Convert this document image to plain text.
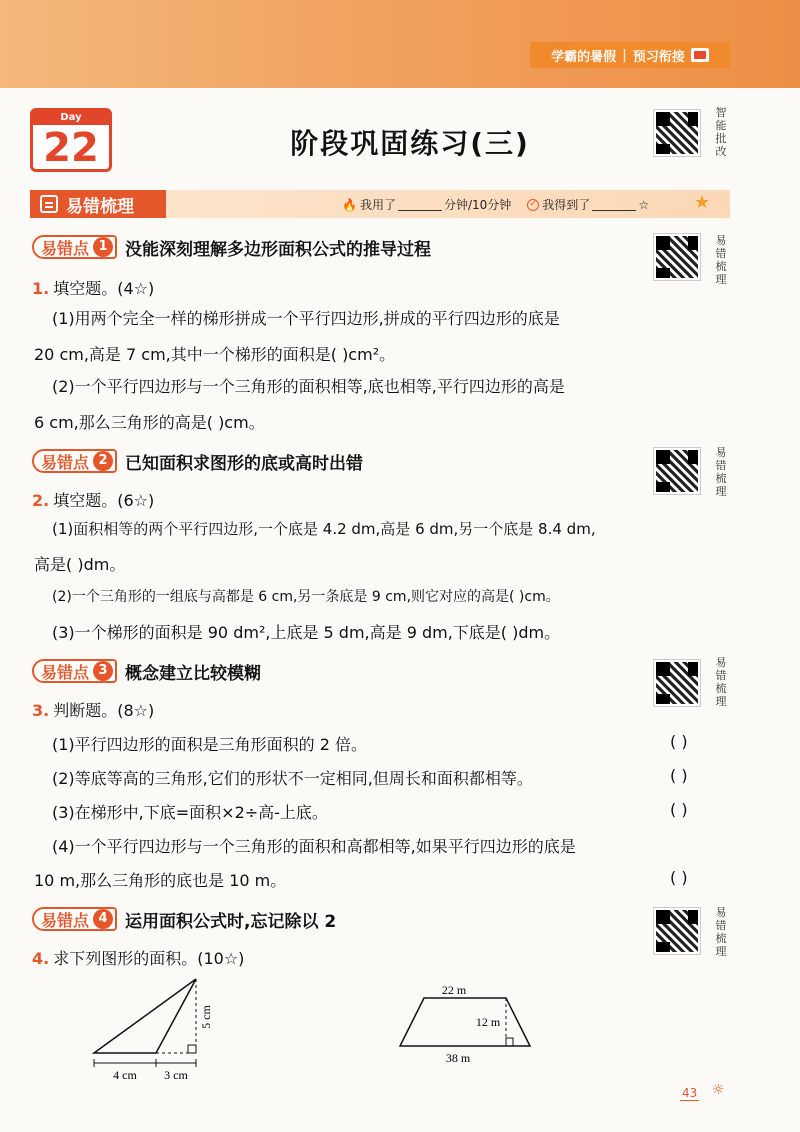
学霸的暑假 | 预习衔接
Day
22	阶段巩固练习(三)
智能批改
易错梳理	🔥 我用了	分钟/10分钟 ✓ 我得到了	☆ ★
易错点 1	没能深刻理解多边形面积公式的推导过程	易错梳理
1. 填空题。(4☆)
(1)用两个完全一样的梯形拼成一个平行四边形,拼成的平行四边形的底是
20 cm,高是 7 cm,其中一个梯形的面积是( )cm²。
(2)一个平行四边形与一个三角形的面积相等,底也相等,平行四边形的高是
6 cm,那么三角形的高是( )cm。
易错点 2	已知面积求图形的底或高时出错
易错梳理
2. 填空题。(6☆)
(1)面积相等的两个平行四边形,一个底是 4.2 dm,高是 6 dm,另一个底是 8.4 dm,
高是( )dm。
(2)一个三角形的一组底与高都是 6 cm,另一条底是 9 cm,则它对应的高是( )cm。
(3)一个梯形的面积是 90 dm²,上底是 5 dm,高是 9 dm,下底是( )dm。
易错点 3	概念建立比较模糊
易错梳理
3. 判断题。(8☆)
(1)平行四边形的面积是三角形面积的 2 倍。	( )
(2)等底等高的三角形,它们的形状不一定相同,但周长和面积都相等。	( )
(3)在梯形中,下底=面积×2÷高-上底。	( )
(4)一个平行四边形与一个三角形的面积和高都相等,如果平行四边形的底是
10 m,那么三角形的底也是 10 m。	( )
易错点 4	运用面积公式时,忘记除以 2	易错梳理
4. 求下列图形的面积。(10☆)
4 cm 3 cm
5 cm
22 m
12 m
38 m
43 ☼
